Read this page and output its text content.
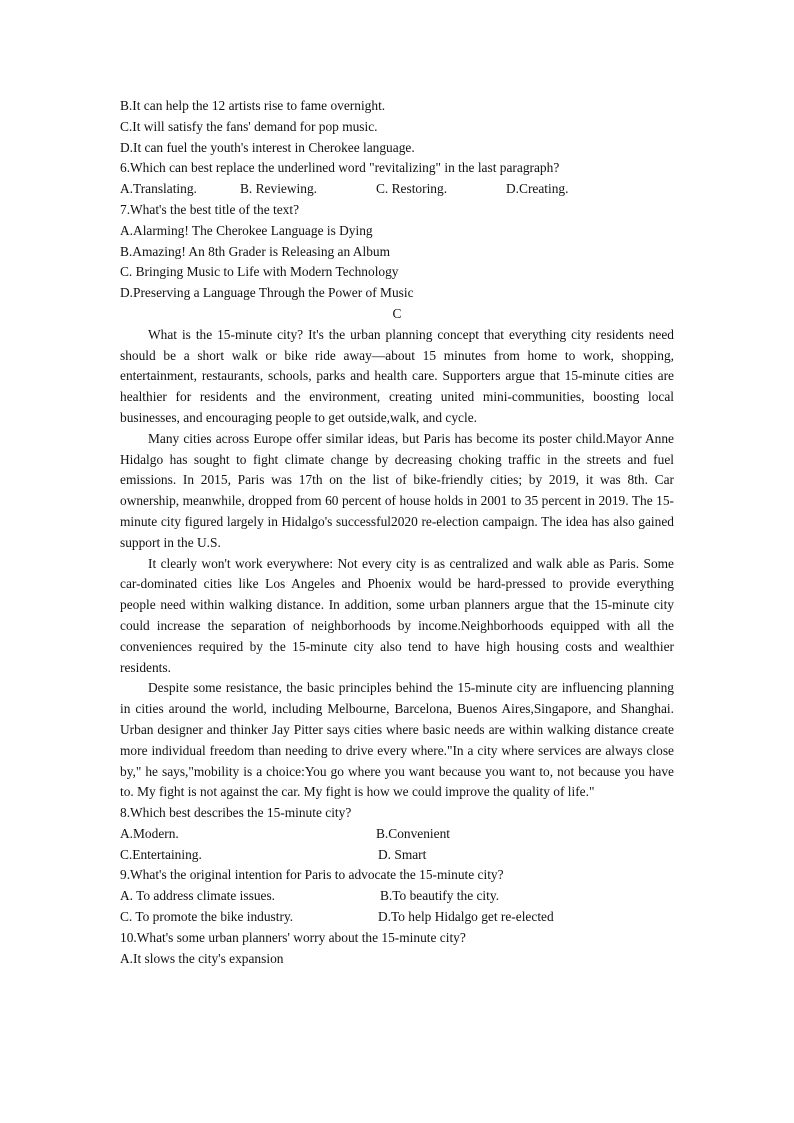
B.It can help the 12 artists rise to fame overnight.
C.It will satisfy the fans' demand for pop music.
D.It can fuel the youth's interest in Cherokee language.
6.Which can best replace the underlined word "revitalizing" in the last paragraph?
A.Translating.	B. Reviewing.	C. Restoring.	D.Creating.
7.What's the best title of the text?
A.Alarming! The Cherokee Language is Dying
B.Amazing! An 8th Grader is Releasing an Album
C. Bringing Music to Life with Modern Technology
D.Preserving a Language Through the Power of Music
C

What is the 15-minute city? It's the urban planning concept that everything city residents need should be a short walk or bike ride away—about 15 minutes from home to work, shopping, entertainment, restaurants, schools, parks and health care. Supporters argue that 15-minute cities are healthier for residents and the environment, creating united mini-communities, boosting local businesses, and encouraging people to get outside,walk, and cycle.

Many cities across Europe offer similar ideas, but Paris has become its poster child.Mayor Anne Hidalgo has sought to fight climate change by decreasing choking traffic in the streets and fuel emissions. In 2015, Paris was 17th on the list of bike-friendly cities; by 2019, it was 8th. Car ownership, meanwhile, dropped from 60 percent of house holds in 2001 to 35 percent in 2019. The 15-minute city figured largely in Hidalgo's successful2020 re-election campaign. The idea has also gained support in the U.S.

It clearly won't work everywhere: Not every city is as centralized and walk able as Paris. Some car-dominated cities like Los Angeles and Phoenix would be hard-pressed to provide everything people need within walking distance. In addition, some urban planners argue that the 15-minute city could increase the separation of neighborhoods by income.Neighborhoods equipped with all the conveniences required by the 15-minute city also tend to have high housing costs and wealthier residents.

Despite some resistance, the basic principles behind the 15-minute city are influencing planning in cities around the world, including Melbourne, Barcelona, Buenos Aires,Singapore, and Shanghai. Urban designer and thinker Jay Pitter says cities where basic needs are within walking distance create more individual freedom than needing to drive every where."In a city where services are always close by," he says,"mobility is a choice:You go where you want because you want to, not because you have to. My fight is not against the car. My fight is how we could improve the quality of life."

8.Which best describes the 15-minute city?
A.Modern.	B.Convenient
C.Entertaining.	D. Smart
9.What's the original intention for Paris to advocate the 15-minute city?
A. To address climate issues.	B.To beautify the city.
C. To promote the bike industry.	D.To help Hidalgo get re-elected
10.What's some urban planners' worry about the 15-minute city?
A.It slows the city's expansion
